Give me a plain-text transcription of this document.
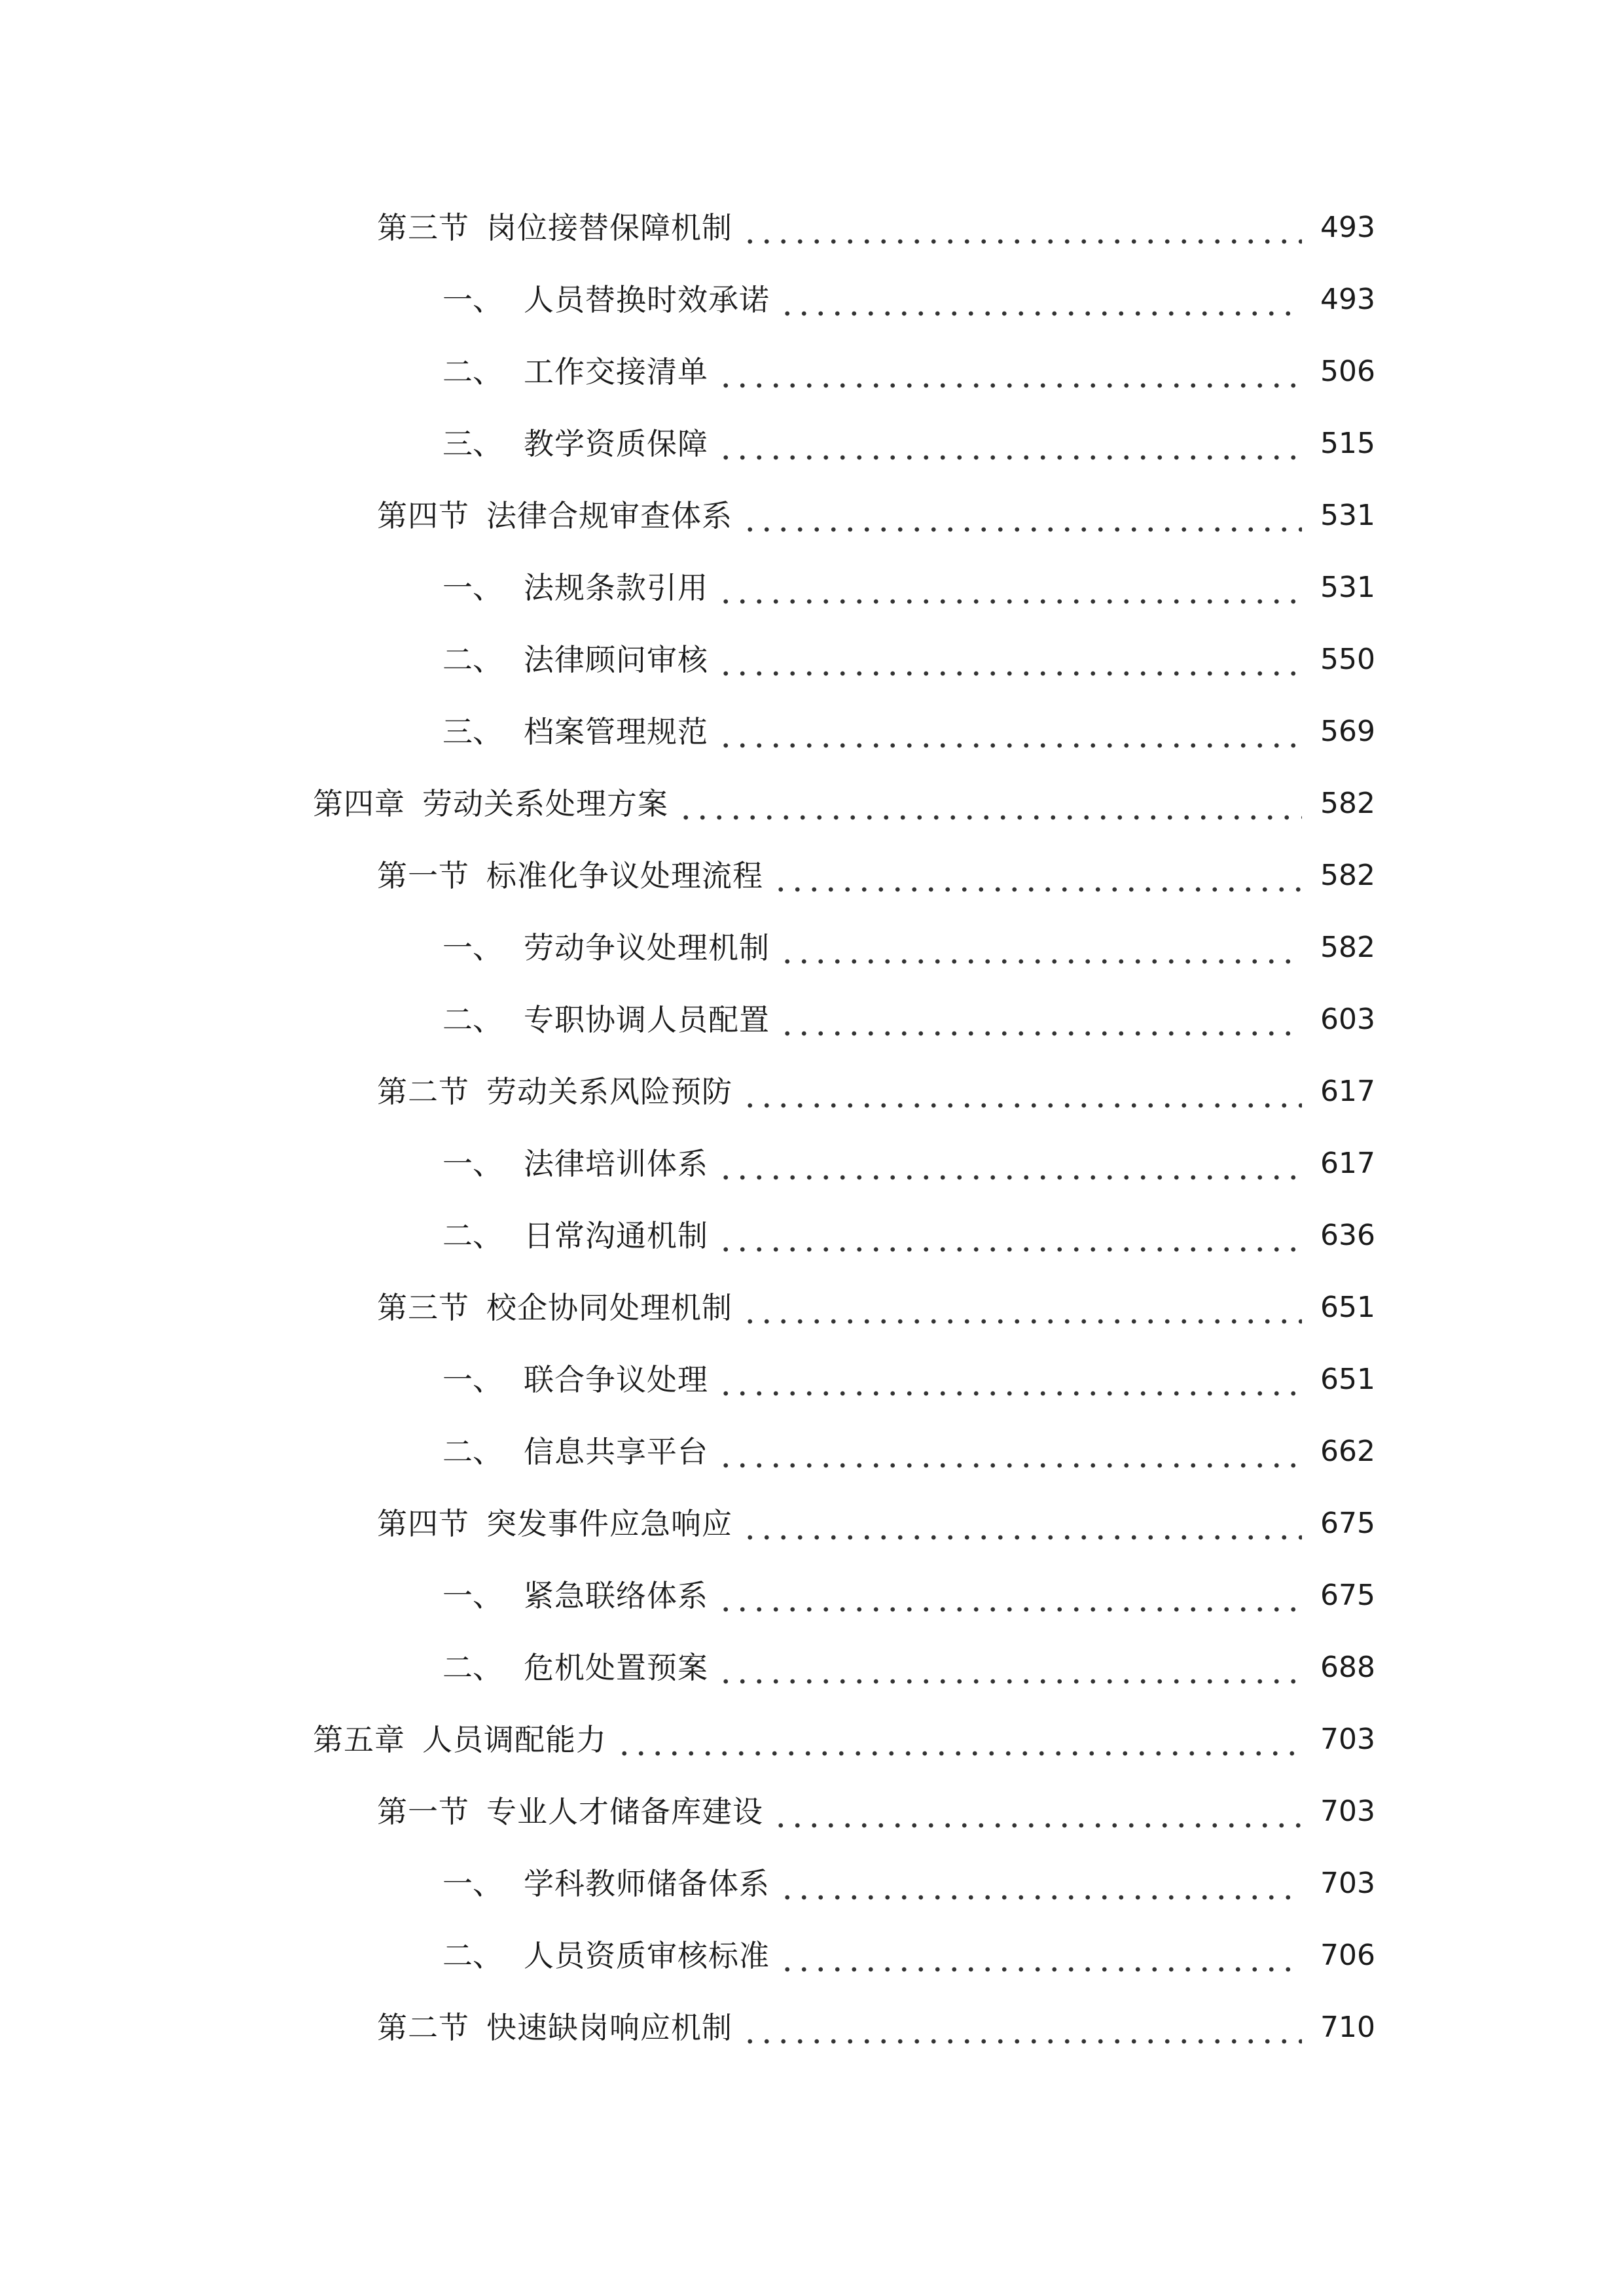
第三节 岗位接替保障机制	493
一、 人员替换时效承诺	493
二、 工作交接清单	506
三、 教学资质保障	515
第四节 法律合规审查体系	531
一、 法规条款引用	531
二、 法律顾问审核	550
三、 档案管理规范	569
第四章 劳动关系处理方案	582
第一节 标准化争议处理流程	582
一、 劳动争议处理机制	582
二、 专职协调人员配置	603
第二节 劳动关系风险预防	617
一、 法律培训体系	617
二、 日常沟通机制	636
第三节 校企协同处理机制	651
一、 联合争议处理	651
二、 信息共享平台	662
第四节 突发事件应急响应	675
一、 紧急联络体系	675
二、 危机处置预案	688
第五章 人员调配能力	703
第一节 专业人才储备库建设	703
一、 学科教师储备体系	703
二、 人员资质审核标准	706
第二节 快速缺岗响应机制	710
